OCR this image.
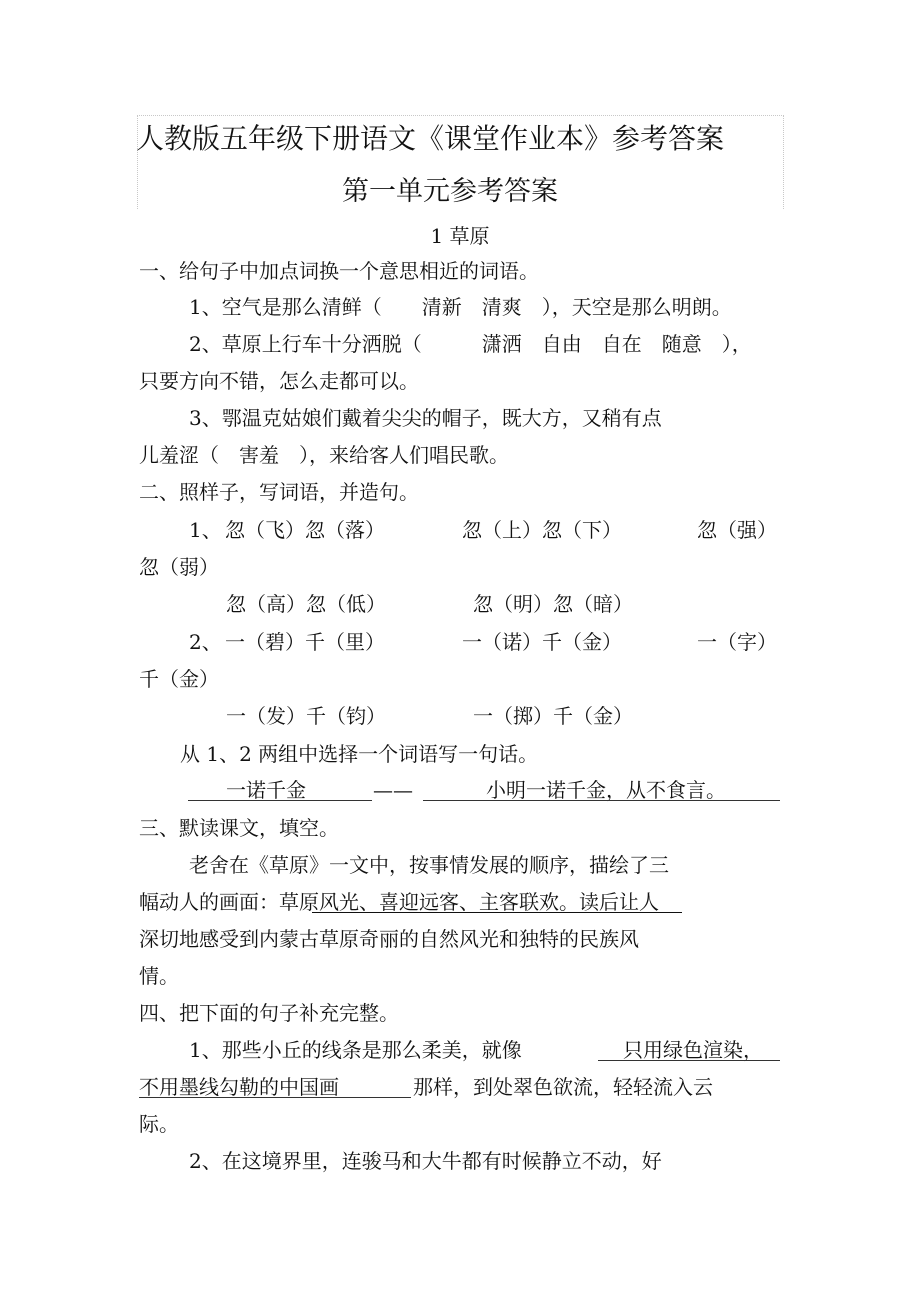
人教版五年级下册语文《课堂作业本》参考答案
第一单元参考答案
1 草原
一、给句子中加点词换一个意思相近的词语。
1、空气是那么清鲜（　　清新　清爽　），天空是那么明朗。
2、草原上行车十分洒脱（　　　潇洒　自由　自在　随意　），
只要方向不错，怎么走都可以。
3、鄂温克姑娘们戴着尖尖的帽子，既大方，又稍有点
儿羞涩（　害羞　），来给客人们唱民歌。
二、照样子，写词语，并造句。
1、 忽（飞）忽（落）	忽（上）忽（下）	忽（强）
忽（弱）
忽（高）忽（低）	忽（明）忽（暗）
2、 一（碧）千（里）	一（诺）千（金）	一（字）
千（金）
一（发）千（钧）	一（掷）千（金）
从 1、2 两组中选择一个词语写一句话。
一诺千金	——	小明一诺千金，从不食言。
三、默读课文，填空。
老舍在《草原》一文中，按事情发展的顺序，描绘了三
幅动人的画面：草原风光、喜迎远客、主客联欢。读后让人
深切地感受到内蒙古草原奇丽的自然风光和独特的民族风
情。
四、把下面的句子补充完整。
1、那些小丘的线条是那么柔美，就像	只用绿色渲染，
不用墨线勾勒的中国画	那样，到处翠色欲流，轻轻流入云
际。
2、在这境界里，连骏马和大牛都有时候静立不动，好
